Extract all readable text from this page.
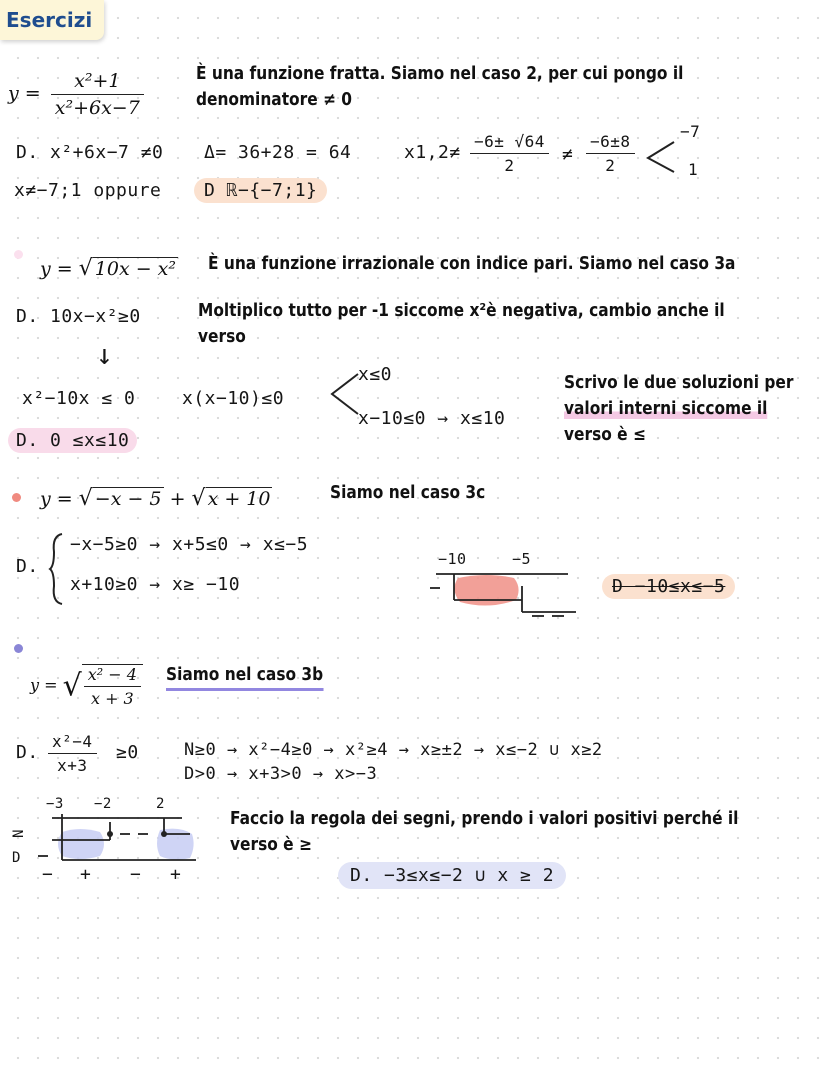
Esercizi
$y = \frac{\text{x²+1}}{\text{x²+6x−7}}$	È una funzione fratta. Siamo nel caso 2, per cui pongo il
denominatore ≠ 0
D. x²+6x−7 ≠0 Δ= 36+28 = 64	$x1,2\ne \frac{-6\pm √64}{2} \ne \frac{-6\pm 8}{2}$
−7
1
x≠−7;1 oppure	D ℝ−{−7;1}
y = √ 10x − x² È una funzione irrazionale con indice pari. Siamo nel caso 3a
D. 10x−x²≥0	Moltiplico tutto per -1 siccome x²è negativa, cambio anche il
verso
↓
x²−10x ≤ 0	x(x−10)≤0
x≤0
x−10≤0 → x≤10
Scrivo le due soluzioni per
valori interni siccome il
verso è ≤
D. 0 ≤x≤10
y = √ −x − 5 + √ x + 10	Siamo nel caso 3c
D.
−x−5≥0 → x+5≤0 → x≤−5
x+10≥0 → x≥ −10
−10	−5
D −10≤x≤−5
y = √ $\frac{\text{x² − 4}}{x + 3}$ Siamo nel caso 3b
D. $\frac{\text{x²−4}}{x+3} \ge 0$	N≥0 → x²−4≥0 → x²≥4 → x≥±2 → x≤−2 ∪ x≥2
D>0 → x+3>0 → x>−3
−3 −2	2
N
D
− + − +
Faccio la regola dei segni, prendo i valori positivi perché il
verso è ≥
D. −3≤x≤−2 ∪ x ≥ 2
